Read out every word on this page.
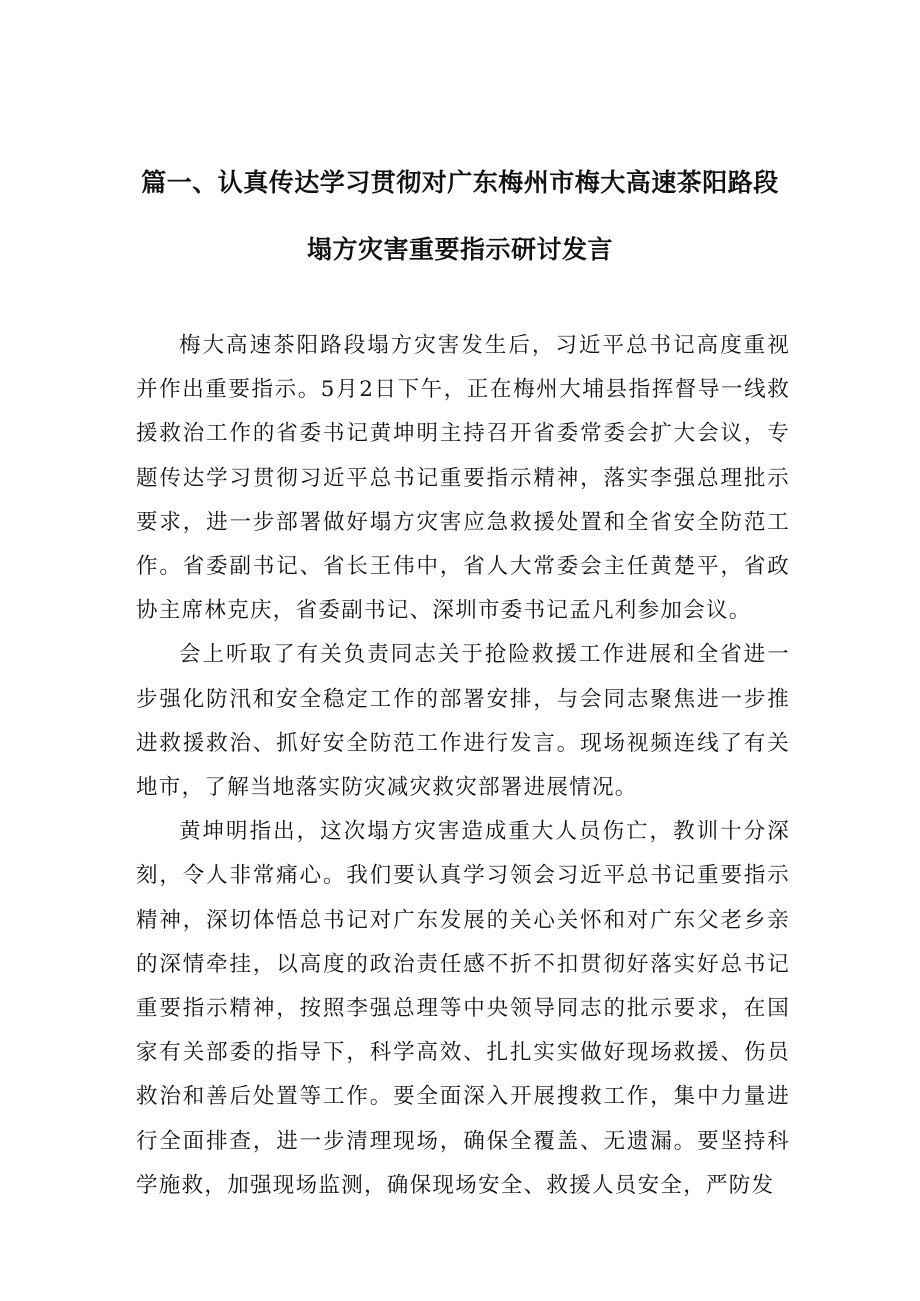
篇一、认真传达学习贯彻对广东梅州市梅大高速茶阳路段
塌方灾害重要指示研讨发言

梅大高速茶阳路段塌方灾害发生后，习近平总书记高度重视并作出重要指示。5月2日下午，正在梅州大埔县指挥督导一线救援救治工作的省委书记黄坤明主持召开省委常委会扩大会议，专题传达学习贯彻习近平总书记重要指示精神，落实李强总理批示要求，进一步部署做好塌方灾害应急救援处置和全省安全防范工作。省委副书记、省长王伟中，省人大常委会主任黄楚平，省政协主席林克庆，省委副书记、深圳市委书记孟凡利参加会议。

会上听取了有关负责同志关于抢险救援工作进展和全省进一步强化防汛和安全稳定工作的部署安排，与会同志聚焦进一步推进救援救治、抓好安全防范工作进行发言。现场视频连线了有关地市，了解当地落实防灾减灾救灾部署进展情况。

黄坤明指出，这次塌方灾害造成重大人员伤亡，教训十分深刻，令人非常痛心。我们要认真学习领会习近平总书记重要指示精神，深切体悟总书记对广东发展的关心关怀和对广东父老乡亲的深情牵挂，以高度的政治责任感不折不扣贯彻好落实好总书记重要指示精神，按照李强总理等中央领导同志的批示要求，在国家有关部委的指导下，科学高效、扎扎实实做好现场救援、伤员救治和善后处置等工作。要全面深入开展搜救工作，集中力量进行全面排查，进一步清理现场，确保全覆盖、无遗漏。要坚持科学施救，加强现场监测，确保现场安全、救援人员安全，严防发
